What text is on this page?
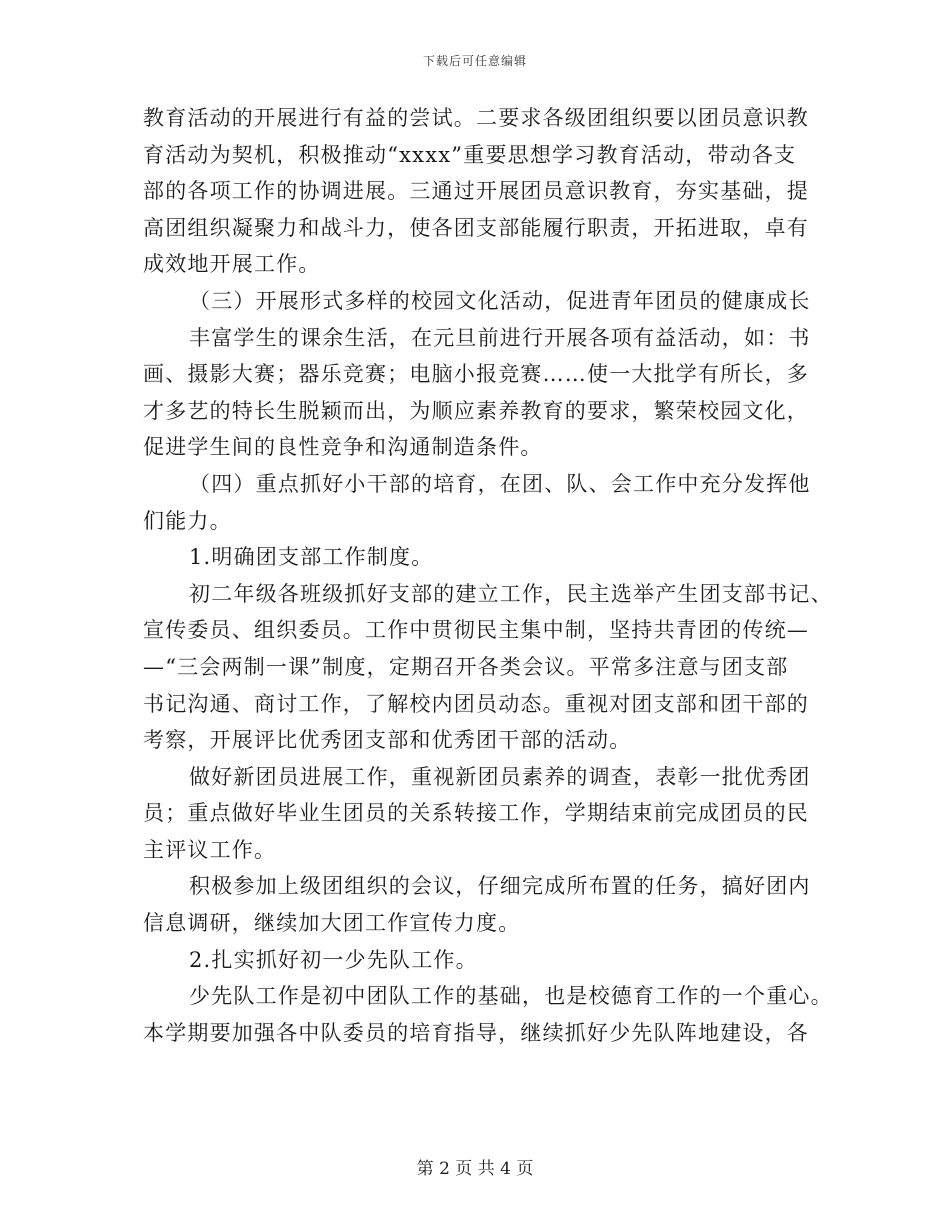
下载后可任意编辑
教育活动的开展进行有益的尝试。二要求各级团组织要以团员意识教
育活动为契机，积极推动“xxxx”重要思想学习教育活动，带动各支
部的各项工作的协调进展。三通过开展团员意识教育，夯实基础，提
高团组织凝聚力和战斗力，使各团支部能履行职责，开拓进取，卓有
成效地开展工作。
（三）开展形式多样的校园文化活动，促进青年团员的健康成长
丰富学生的课余生活，在元旦前进行开展各项有益活动，如：书
画、摄影大赛；器乐竞赛；电脑小报竞赛……使一大批学有所长，多
才多艺的特长生脱颖而出，为顺应素养教育的要求，繁荣校园文化，
促进学生间的良性竞争和沟通制造条件。
（四）重点抓好小干部的培育，在团、队、会工作中充分发挥他
们能力。
1.明确团支部工作制度。
初二年级各班级抓好支部的建立工作，民主选举产生团支部书记、
宣传委员、组织委员。工作中贯彻民主集中制，坚持共青团的传统—
—“三会两制一课”制度，定期召开各类会议。平常多注意与团支部
书记沟通、商讨工作，了解校内团员动态。重视对团支部和团干部的
考察，开展评比优秀团支部和优秀团干部的活动。
做好新团员进展工作，重视新团员素养的调查，表彰一批优秀团
员；重点做好毕业生团员的关系转接工作，学期结束前完成团员的民
主评议工作。
积极参加上级团组织的会议，仔细完成所布置的任务，搞好团内
信息调研，继续加大团工作宣传力度。
2.扎实抓好初一少先队工作。
少先队工作是初中团队工作的基础，也是校德育工作的一个重心。
本学期要加强各中队委员的培育指导，继续抓好少先队阵地建设，各
第 2 页 共 4 页
